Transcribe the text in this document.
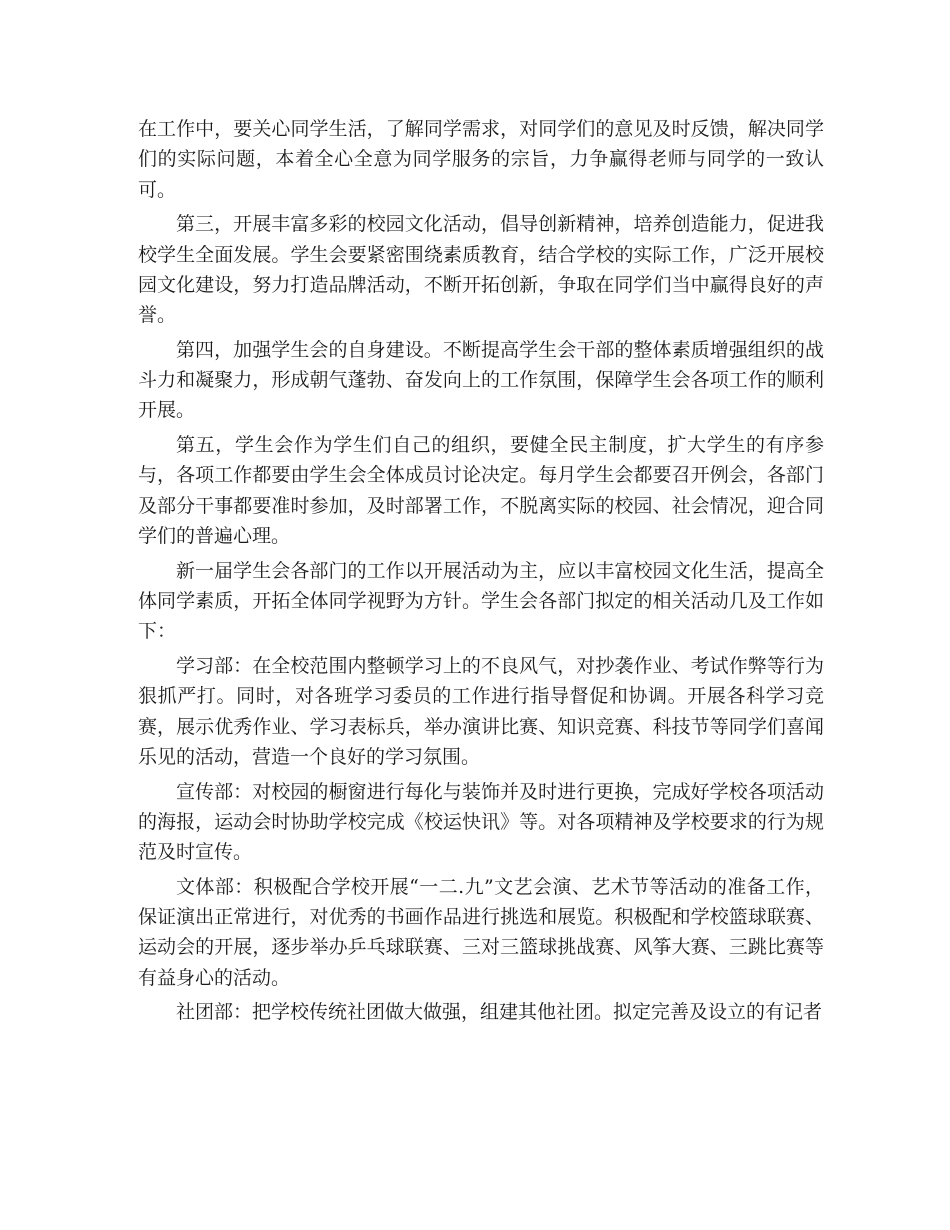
在工作中，要关心同学生活，了解同学需求，对同学们的意见及时反馈，解决同学们的实际问题，本着全心全意为同学服务的宗旨，力争赢得老师与同学的一致认可。

第三，开展丰富多彩的校园文化活动，倡导创新精神，培养创造能力，促进我校学生全面发展。学生会要紧密围绕素质教育，结合学校的实际工作，广泛开展校园文化建设，努力打造品牌活动，不断开拓创新，争取在同学们当中赢得良好的声誉。

第四，加强学生会的自身建设。不断提高学生会干部的整体素质增强组织的战斗力和凝聚力，形成朝气蓬勃、奋发向上的工作氛围，保障学生会各项工作的顺利开展。

第五，学生会作为学生们自己的组织，要健全民主制度，扩大学生的有序参与，各项工作都要由学生会全体成员讨论决定。每月学生会都要召开例会，各部门及部分干事都要准时参加，及时部署工作，不脱离实际的校园、社会情况，迎合同学们的普遍心理。

新一届学生会各部门的工作以开展活动为主，应以丰富校园文化生活，提高全体同学素质，开拓全体同学视野为方针。学生会各部门拟定的相关活动几及工作如下：

学习部：在全校范围内整顿学习上的不良风气，对抄袭作业、考试作弊等行为狠抓严打。同时，对各班学习委员的工作进行指导督促和协调。开展各科学习竞赛，展示优秀作业、学习表标兵，举办演讲比赛、知识竞赛、科技节等同学们喜闻乐见的活动，营造一个良好的学习氛围。

宣传部：对校园的橱窗进行每化与装饰并及时进行更换，完成好学校各项活动的海报，运动会时协助学校完成《校运快讯》等。对各项精神及学校要求的行为规范及时宣传。

文体部：积极配合学校开展“一二.九”文艺会演、艺术节等活动的准备工作，保证演出正常进行，对优秀的书画作品进行挑选和展览。积极配和学校篮球联赛、运动会的开展，逐步举办乒乓球联赛、三对三篮球挑战赛、风筝大赛、三跳比赛等有益身心的活动。

社团部：把学校传统社团做大做强，组建其他社团。拟定完善及设立的有记者
